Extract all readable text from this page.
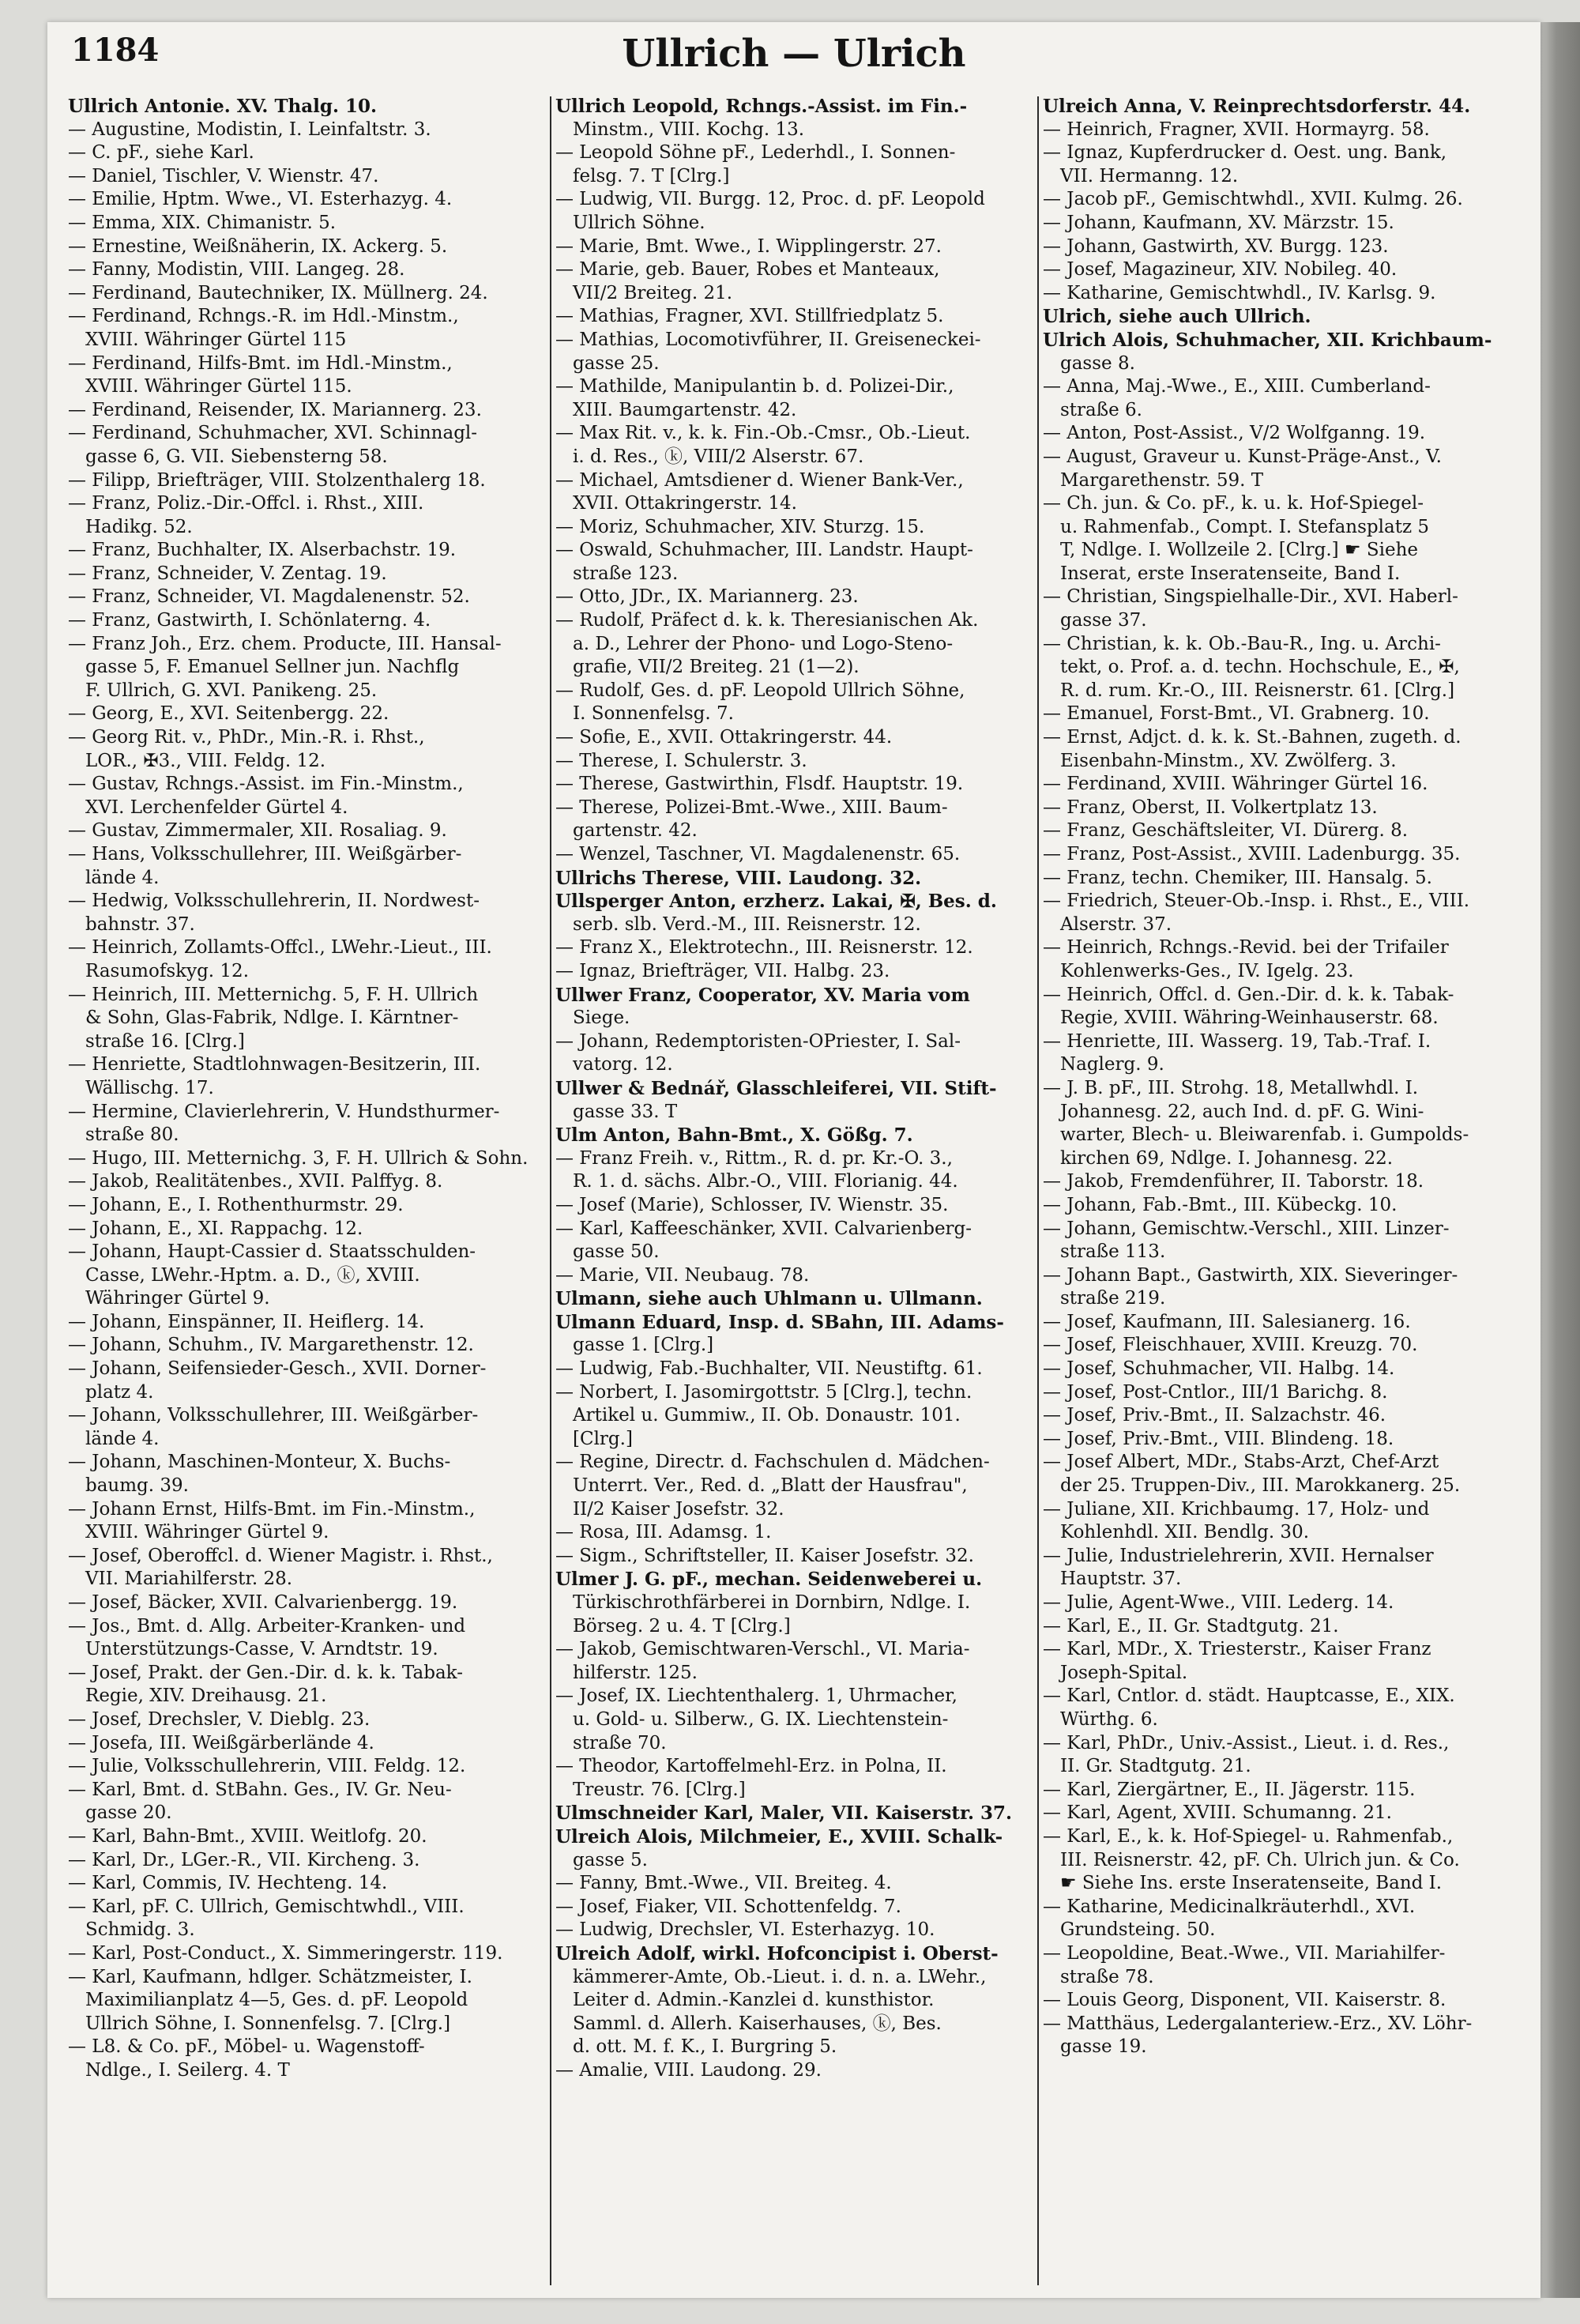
Ullrich — Ulrich
1184
Ullrich Antonie. XV. Thalg. 10.
— Augustine, Modistin, I. Leinfaltstr. 3.
— C. pF., siehe Karl.
— Daniel, Tischler, V. Wienstr. 47.
— Emilie, Hptm. Wwe., VI. Esterhazyg. 4.
— Emma, XIX. Chimanistr. 5.
— Ernestine, Weißnäherin, IX. Ackerg. 5.
— Fanny, Modistin, VIII. Langeg. 28.
— Ferdinand, Bautechniker, IX. Müllnerg. 24.
— Ferdinand, Rchngs.-R. im Hdl.-Minstm.,
XVIII. Währinger Gürtel 115
— Ferdinand, Hilfs-Bmt. im Hdl.-Minstm.,
XVIII. Währinger Gürtel 115.
— Ferdinand, Reisender, IX. Mariannerg. 23.
— Ferdinand, Schuhmacher, XVI. Schinnagl-
gasse 6, G. VII. Siebensterng 58.
— Filipp, Briefträger, VIII. Stolzenthalerg 18.
— Franz, Poliz.-Dir.-Offcl. i. Rhst., XIII.
Hadikg. 52.
— Franz, Buchhalter, IX. Alserbachstr. 19.
— Franz, Schneider, V. Zentag. 19.
— Franz, Schneider, VI. Magdalenenstr. 52.
— Franz, Gastwirth, I. Schönlaterng. 4.
— Franz Joh., Erz. chem. Producte, III. Hansal-
gasse 5, F. Emanuel Sellner jun. Nachflg
F. Ullrich, G. XVI. Panikeng. 25.
— Georg, E., XVI. Seitenbergg. 22.
— Georg Rit. v., PhDr., Min.-R. i. Rhst.,
LOR., ✠3., VIII. Feldg. 12.
— Gustav, Rchngs.-Assist. im Fin.-Minstm.,
XVI. Lerchenfelder Gürtel 4.
— Gustav, Zimmermaler, XII. Rosaliag. 9.
— Hans, Volksschullehrer, III. Weißgärber-
lände 4.
— Hedwig, Volksschullehrerin, II. Nordwest-
bahnstr. 37.
— Heinrich, Zollamts-Offcl., LWehr.-Lieut., III.
Rasumofskyg. 12.
— Heinrich, III. Metternichg. 5, F. H. Ullrich
& Sohn, Glas-Fabrik, Ndlge. I. Kärntner-
straße 16. [Clrg.]
— Henriette, Stadtlohnwagen-Besitzerin, III.
Wällischg. 17.
— Hermine, Clavierlehrerin, V. Hundsthurmer-
straße 80.
— Hugo, III. Metternichg. 3, F. H. Ullrich & Sohn.
— Jakob, Realitätenbes., XVII. Palffyg. 8.
— Johann, E., I. Rothenthurmstr. 29.
— Johann, E., XI. Rappachg. 12.
— Johann, Haupt-Cassier d. Staatsschulden-
Casse, LWehr.-Hptm. a. D., ⓚ, XVIII.
Währinger Gürtel 9.
— Johann, Einspänner, II. Heiflerg. 14.
— Johann, Schuhm., IV. Margarethenstr. 12.
— Johann, Seifensieder-Gesch., XVII. Dorner-
platz 4.
— Johann, Volksschullehrer, III. Weißgärber-
lände 4.
— Johann, Maschinen-Monteur, X. Buchs-
baumg. 39.
— Johann Ernst, Hilfs-Bmt. im Fin.-Minstm.,
XVIII. Währinger Gürtel 9.
— Josef, Oberoffcl. d. Wiener Magistr. i. Rhst.,
VII. Mariahilferstr. 28.
— Josef, Bäcker, XVII. Calvarienbergg. 19.
— Jos., Bmt. d. Allg. Arbeiter-Kranken- und
Unterstützungs-Casse, V. Arndtstr. 19.
— Josef, Prakt. der Gen.-Dir. d. k. k. Tabak-
Regie, XIV. Dreihausg. 21.
— Josef, Drechsler, V. Dieblg. 23.
— Josefa, III. Weißgärberlände 4.
— Julie, Volksschullehrerin, VIII. Feldg. 12.
— Karl, Bmt. d. StBahn. Ges., IV. Gr. Neu-
gasse 20.
— Karl, Bahn-Bmt., XVIII. Weitlofg. 20.
— Karl, Dr., LGer.-R., VII. Kircheng. 3.
— Karl, Commis, IV. Hechteng. 14.
— Karl, pF. C. Ullrich, Gemischtwhdl., VIII.
Schmidg. 3.
— Karl, Post-Conduct., X. Simmeringerstr. 119.
— Karl, Kaufmann, hdlger. Schätzmeister, I.
Maximilianplatz 4—5, Ges. d. pF. Leopold
Ullrich Söhne, I. Sonnenfelsg. 7. [Clrg.]
— L8. & Co. pF., Möbel- u. Wagenstoff-
Ndlge., I. Seilerg. 4. T
Ullrich Leopold, Rchngs.-Assist. im Fin.-
Minstm., VIII. Kochg. 13.
— Leopold Söhne pF., Lederhdl., I. Sonnen-
felsg. 7. T [Clrg.]
— Ludwig, VII. Burgg. 12, Proc. d. pF. Leopold
Ullrich Söhne.
— Marie, Bmt. Wwe., I. Wipplingerstr. 27.
— Marie, geb. Bauer, Robes et Manteaux,
VII/2 Breiteg. 21.
— Mathias, Fragner, XVI. Stillfriedplatz 5.
— Mathias, Locomotivführer, II. Greiseneckei-
gasse 25.
— Mathilde, Manipulantin b. d. Polizei-Dir.,
XIII. Baumgartenstr. 42.
— Max Rit. v., k. k. Fin.-Ob.-Cmsr., Ob.-Lieut.
i. d. Res., ⓚ, VIII/2 Alserstr. 67.
— Michael, Amtsdiener d. Wiener Bank-Ver.,
XVII. Ottakringerstr. 14.
— Moriz, Schuhmacher, XIV. Sturzg. 15.
— Oswald, Schuhmacher, III. Landstr. Haupt-
straße 123.
— Otto, JDr., IX. Mariannerg. 23.
— Rudolf, Präfect d. k. k. Theresianischen Ak.
a. D., Lehrer der Phono- und Logo-Steno-
grafie, VII/2 Breiteg. 21 (1—2).
— Rudolf, Ges. d. pF. Leopold Ullrich Söhne,
I. Sonnenfelsg. 7.
— Sofie, E., XVII. Ottakringerstr. 44.
— Therese, I. Schulerstr. 3.
— Therese, Gastwirthin, Flsdf. Hauptstr. 19.
— Therese, Polizei-Bmt.-Wwe., XIII. Baum-
gartenstr. 42.
— Wenzel, Taschner, VI. Magdalenenstr. 65.
Ullrichs Therese, VIII. Laudong. 32.
Ullsperger Anton, erzherz. Lakai, ✠, Bes. d.
serb. slb. Verd.-M., III. Reisnerstr. 12.
— Franz X., Elektrotechn., III. Reisnerstr. 12.
— Ignaz, Briefträger, VII. Halbg. 23.
Ullwer Franz, Cooperator, XV. Maria vom
Siege.
— Johann, Redemptoristen-OPriester, I. Sal-
vatorg. 12.
Ullwer & Bednář, Glasschleiferei, VII. Stift-
gasse 33. T
Ulm Anton, Bahn-Bmt., X. Gößg. 7.
— Franz Freih. v., Rittm., R. d. pr. Kr.-O. 3.,
R. 1. d. sächs. Albr.-O., VIII. Florianig. 44.
— Josef (Marie), Schlosser, IV. Wienstr. 35.
— Karl, Kaffeeschänker, XVII. Calvarienberg-
gasse 50.
— Marie, VII. Neubaug. 78.
Ulmann, siehe auch Uhlmann u. Ullmann.
Ulmann Eduard, Insp. d. SBahn, III. Adams-
gasse 1. [Clrg.]
— Ludwig, Fab.-Buchhalter, VII. Neustiftg. 61.
— Norbert, I. Jasomirgottstr. 5 [Clrg.], techn.
Artikel u. Gummiw., II. Ob. Donaustr. 101.
[Clrg.]
— Regine, Directr. d. Fachschulen d. Mädchen-
Unterrt. Ver., Red. d. „Blatt der Hausfrau",
II/2 Kaiser Josefstr. 32.
— Rosa, III. Adamsg. 1.
— Sigm., Schriftsteller, II. Kaiser Josefstr. 32.
Ulmer J. G. pF., mechan. Seidenweberei u.
Türkischrothfärberei in Dornbirn, Ndlge. I.
Börseg. 2 u. 4. T [Clrg.]
— Jakob, Gemischtwaren-Verschl., VI. Maria-
hilferstr. 125.
— Josef, IX. Liechtenthalerg. 1, Uhrmacher,
u. Gold- u. Silberw., G. IX. Liechtenstein-
straße 70.
— Theodor, Kartoffelmehl-Erz. in Polna, II.
Treustr. 76. [Clrg.]
Ulmschneider Karl, Maler, VII. Kaiserstr. 37.
Ulreich Alois, Milchmeier, E., XVIII. Schalk-
gasse 5.
— Fanny, Bmt.-Wwe., VII. Breiteg. 4.
— Josef, Fiaker, VII. Schottenfeldg. 7.
— Ludwig, Drechsler, VI. Esterhazyg. 10.
Ulreich Adolf, wirkl. Hofconcipist i. Oberst-
kämmerer-Amte, Ob.-Lieut. i. d. n. a. LWehr.,
Leiter d. Admin.-Kanzlei d. kunsthistor.
Samml. d. Allerh. Kaiserhauses, ⓚ, Bes.
d. ott. M. f. K., I. Burgring 5.
— Amalie, VIII. Laudong. 29.
Ulreich Anna, V. Reinprechtsdorferstr. 44.
— Heinrich, Fragner, XVII. Hormayrg. 58.
— Ignaz, Kupferdrucker d. Oest. ung. Bank,
VII. Hermanng. 12.
— Jacob pF., Gemischtwhdl., XVII. Kulmg. 26.
— Johann, Kaufmann, XV. Märzstr. 15.
— Johann, Gastwirth, XV. Burgg. 123.
— Josef, Magazineur, XIV. Nobileg. 40.
— Katharine, Gemischtwhdl., IV. Karlsg. 9.
Ulrich, siehe auch Ullrich.
Ulrich Alois, Schuhmacher, XII. Krichbaum-
gasse 8.
— Anna, Maj.-Wwe., E., XIII. Cumberland-
straße 6.
— Anton, Post-Assist., V/2 Wolfganng. 19.
— August, Graveur u. Kunst-Präge-Anst., V.
Margarethenstr. 59. T
— Ch. jun. & Co. pF., k. u. k. Hof-Spiegel-
u. Rahmenfab., Compt. I. Stefansplatz 5
T, Ndlge. I. Wollzeile 2. [Clrg.] ☛ Siehe
Inserat, erste Inseratenseite, Band I.
— Christian, Singspielhalle-Dir., XVI. Haberl-
gasse 37.
— Christian, k. k. Ob.-Bau-R., Ing. u. Archi-
tekt, o. Prof. a. d. techn. Hochschule, E., ✠,
R. d. rum. Kr.-O., III. Reisnerstr. 61. [Clrg.]
— Emanuel, Forst-Bmt., VI. Grabnerg. 10.
— Ernst, Adjct. d. k. k. St.-Bahnen, zugeth. d.
Eisenbahn-Minstm., XV. Zwölferg. 3.
— Ferdinand, XVIII. Währinger Gürtel 16.
— Franz, Oberst, II. Volkertplatz 13.
— Franz, Geschäftsleiter, VI. Dürerg. 8.
— Franz, Post-Assist., XVIII. Ladenburgg. 35.
— Franz, techn. Chemiker, III. Hansalg. 5.
— Friedrich, Steuer-Ob.-Insp. i. Rhst., E., VIII.
Alserstr. 37.
— Heinrich, Rchngs.-Revid. bei der Trifailer
Kohlenwerks-Ges., IV. Igelg. 23.
— Heinrich, Offcl. d. Gen.-Dir. d. k. k. Tabak-
Regie, XVIII. Währing-Weinhauserstr. 68.
— Henriette, III. Wasserg. 19, Tab.-Traf. I.
Naglerg. 9.
— J. B. pF., III. Strohg. 18, Metallwhdl. I.
Johannesg. 22, auch Ind. d. pF. G. Wini-
warter, Blech- u. Bleiwarenfab. i. Gumpolds-
kirchen 69, Ndlge. I. Johannesg. 22.
— Jakob, Fremdenführer, II. Taborstr. 18.
— Johann, Fab.-Bmt., III. Kübeckg. 10.
— Johann, Gemischtw.-Verschl., XIII. Linzer-
straße 113.
— Johann Bapt., Gastwirth, XIX. Sieveringer-
straße 219.
— Josef, Kaufmann, III. Salesianerg. 16.
— Josef, Fleischhauer, XVIII. Kreuzg. 70.
— Josef, Schuhmacher, VII. Halbg. 14.
— Josef, Post-Cntlor., III/1 Barichg. 8.
— Josef, Priv.-Bmt., II. Salzachstr. 46.
— Josef, Priv.-Bmt., VIII. Blindeng. 18.
— Josef Albert, MDr., Stabs-Arzt, Chef-Arzt
der 25. Truppen-Div., III. Marokkanerg. 25.
— Juliane, XII. Krichbaumg. 17, Holz- und
Kohlenhdl. XII. Bendlg. 30.
— Julie, Industrielehrerin, XVII. Hernalser
Hauptstr. 37.
— Julie, Agent-Wwe., VIII. Lederg. 14.
— Karl, E., II. Gr. Stadtgutg. 21.
— Karl, MDr., X. Triesterstr., Kaiser Franz
Joseph-Spital.
— Karl, Cntlor. d. städt. Hauptcasse, E., XIX.
Würthg. 6.
— Karl, PhDr., Univ.-Assist., Lieut. i. d. Res.,
II. Gr. Stadtgutg. 21.
— Karl, Ziergärtner, E., II. Jägerstr. 115.
— Karl, Agent, XVIII. Schumanng. 21.
— Karl, E., k. k. Hof-Spiegel- u. Rahmenfab.,
III. Reisnerstr. 42, pF. Ch. Ulrich jun. & Co.
☛ Siehe Ins. erste Inseratenseite, Band I.
— Katharine, Medicinalkräuterhdl., XVI.
Grundsteing. 50.
— Leopoldine, Beat.-Wwe., VII. Mariahilfer-
straße 78.
— Louis Georg, Disponent, VII. Kaiserstr. 8.
— Matthäus, Ledergalanteriew.-Erz., XV. Löhr-
gasse 19.
